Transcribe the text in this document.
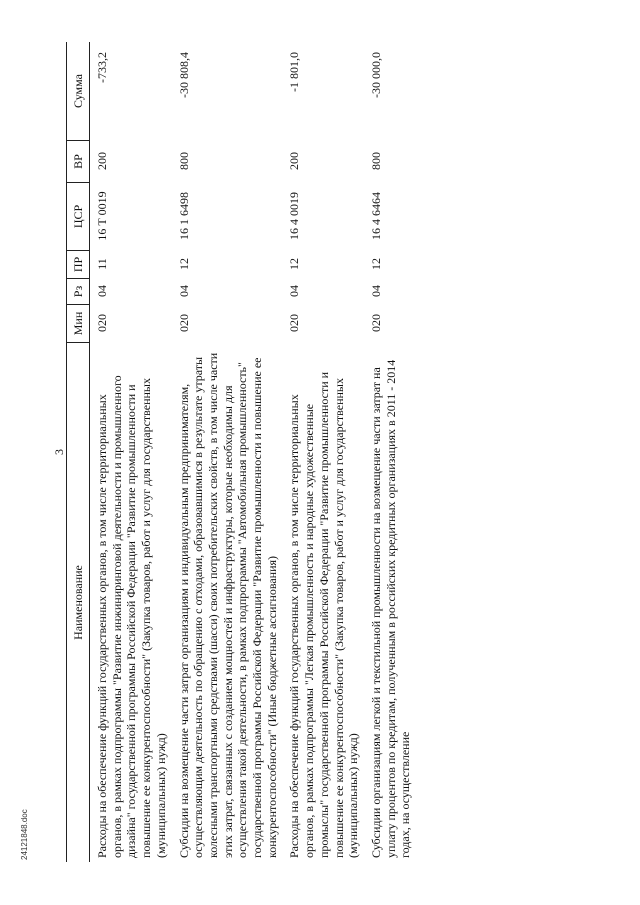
3
Наименование
Мин
Рз
ПР
ЦСР
ВР
Сумма
Расходы на обеспечение функций государственных органов, в том числе территориальных органов, в рамках подпрограммы "Развитие инжиниринговой деятельности и промышленного дизайна" государственной программы Российской Федерации "Развитие промышленности и повышение ее конкурентоспособности" (Закупка товаров, работ и услуг для государственных (муниципальных) нужд)
020
04
11
16 Т 0019
200
-733,2
Субсидии на возмещение части затрат организациям и индивидуальным предпринимателям, осуществляющим деятельность по обращению с отходами, образовавшимися в результате утраты колесными транспортными средствами (шасси) своих потребительских свойств, в том числе части этих затрат, связанных с созданием мощностей и инфраструктуры, которые необходимы для осуществления такой деятельности, в рамках подпрограммы "Автомобильная промышленность" государственной программы Российской Федерации "Развитие промышленности и повышение ее конкурентоспособности" (Иные бюджетные ассигнования)
020
04
12
16 1 6498
800
-30 808,4
Расходы на обеспечение функций государственных органов, в том числе территориальных органов, в рамках подпрограммы "Легкая промышленность и народные художественные промыслы" государственной программы Российской Федерации "Развитие промышленности и повышение ее конкурентоспособности" (Закупка товаров, работ и услуг для государственных (муниципальных) нужд)
020
04
12
16 4 0019
200
-1 801,0
Субсидии организациям легкой и текстильной промышленности на возмещение части затрат на уплату процентов по кредитам, полученным в российских кредитных организациях в 2011 - 2014 годах, на осуществление
020
04
12
16 4 6464
800
-30 000,0
24121848.doc
